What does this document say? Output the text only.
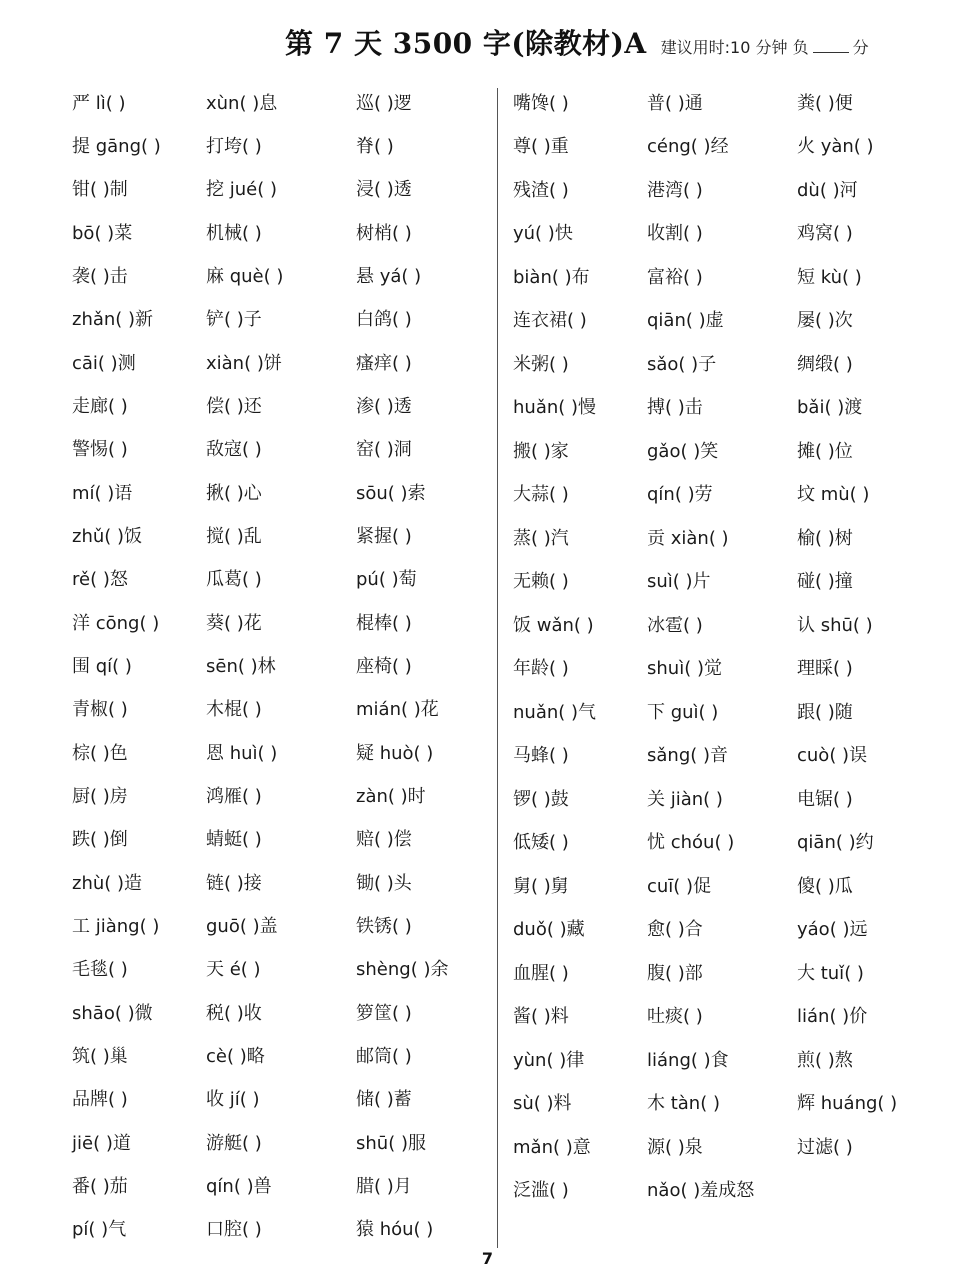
第 7 天 3500 字(除教材)A 建议用时:10 分钟 负	分
严 lì( )
提 gāng( )
钳( )制
bō( )菜
袭( )击
zhǎn( )新
cāi( )测
走廊( )
警惕( )
mí( )语
zhǔ( )饭
rě( )怒
洋 cōng( )
围 qí( )
青椒( )
棕( )色
厨( )房
跌( )倒
zhù( )造
工 jiàng( )
毛毯( )
shāo( )微
筑( )巢
品牌( )
jiē( )道
番( )茄
pí( )气
xùn( )息
打垮( )
挖 jué( )
机械( )
麻 què( )
铲( )子
xiàn( )饼
偿( )还
敌寇( )
揪( )心
搅( )乱
瓜葛( )
葵( )花
sēn( )林
木棍( )
恩 huì( )
鸿雁( )
蜻蜓( )
链( )接
guō( )盖
天 é( )
税( )收
cè( )略
收 jí( )
游艇( )
qín( )兽
口腔( )
巡( )逻
脊( )
浸( )透
树梢( )
悬 yá( )
白鸽( )
瘙痒( )
渗( )透
窑( )洞
sōu( )索
紧握( )
pú( )萄
棍棒( )
座椅( )
mián( )花
疑 huò( )
zàn( )时
赔( )偿
锄( )头
铁锈( )
shèng( )余
箩筐( )
邮筒( )
储( )蓄
shū( )服
腊( )月
猿 hóu( )
嘴馋( )
尊( )重
残渣( )
yú( )快
biàn( )布
连衣裙( )
米粥( )
huǎn( )慢
搬( )家
大蒜( )
蒸( )汽
无赖( )
饭 wǎn( )
年龄( )
nuǎn( )气
马蜂( )
锣( )鼓
低矮( )
舅( )舅
duǒ( )藏
血腥( )
酱( )料
yùn( )律
sù( )料
mǎn( )意
泛滥( )
普( )通
céng( )经
港湾( )
收割( )
富裕( )
qiān( )虚
sǎo( )子
搏( )击
gǎo( )笑
qín( )劳
贡 xiàn( )
suì( )片
冰雹( )
shuì( )觉
下 guì( )
sǎng( )音
关 jiàn( )
忧 chóu( )
cuī( )促
愈( )合
腹( )部
吐痰( )
liáng( )食
木 tàn( )
源( )泉
nǎo( )羞成怒
粪( )便
火 yàn( )
dù( )河
鸡窝( )
短 kù( )
屡( )次
绸缎( )
bǎi( )渡
摊( )位
坟 mù( )
榆( )树
碰( )撞
认 shū( )
理睬( )
跟( )随
cuò( )误
电锯( )
qiān( )约
傻( )瓜
yáo( )远
大 tuǐ( )
lián( )价
煎( )熬
辉 huáng( )
过滤( )
7
